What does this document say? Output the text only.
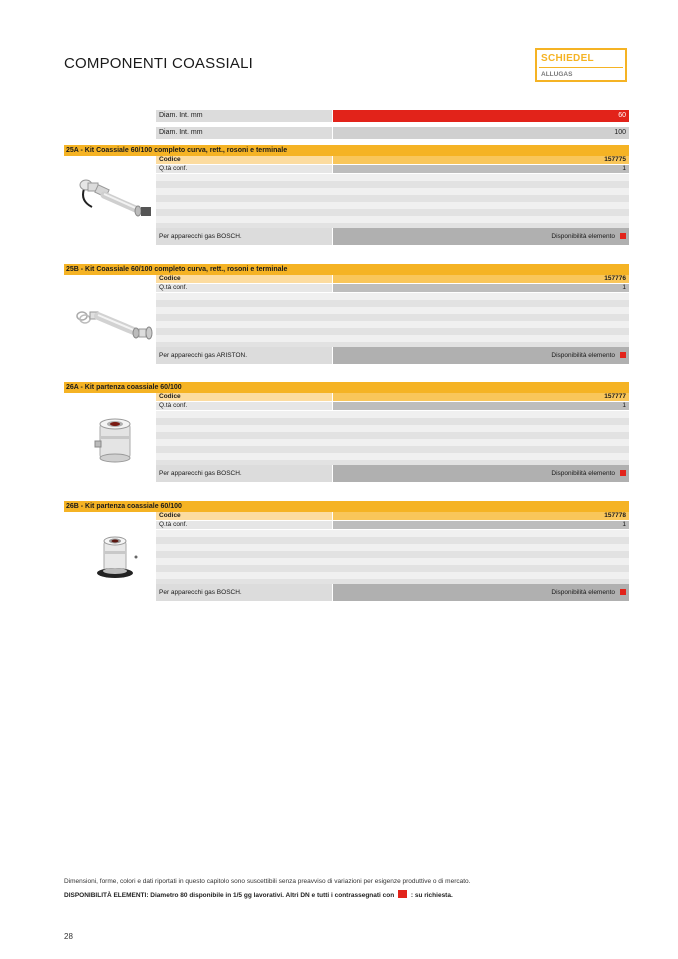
COMPONENTI COASSIALI	SCHIEDEL
ALLUGAS
Diam. Int. mm	60
Diam. Int. mm	100
25A - Kit Coassiale 60/100 completo curva, rett., rosoni e terminale
Codice	157775
Q.tà conf.	1
Per apparecchi gas BOSCH.	Disponibilità elemento
25B - Kit Coassiale 60/100 completo curva, rett., rosoni e terminale
Codice	157776
Q.tà conf.	1
Per apparecchi gas ARISTON.	Disponibilità elemento
26A - Kit partenza coassiale 60/100
Codice	157777
Q.tà conf.	1
Per apparecchi gas BOSCH.	Disponibilità elemento
26B - Kit partenza coassiale 60/100
Codice	157778
Q.tà conf.	1
Per apparecchi gas BOSCH.	Disponibilità elemento
Dimensioni, forme, colori e dati riportati in questo capitolo sono suscettibili senza preavviso di variazioni per esigenze produttive o di mercato.
DISPONIBILITÀ ELEMENTI: Diametro 80 disponibile in 1/5 gg lavorativi. Altri DN e tutti i contrassegnati con	: su richiesta.
28
